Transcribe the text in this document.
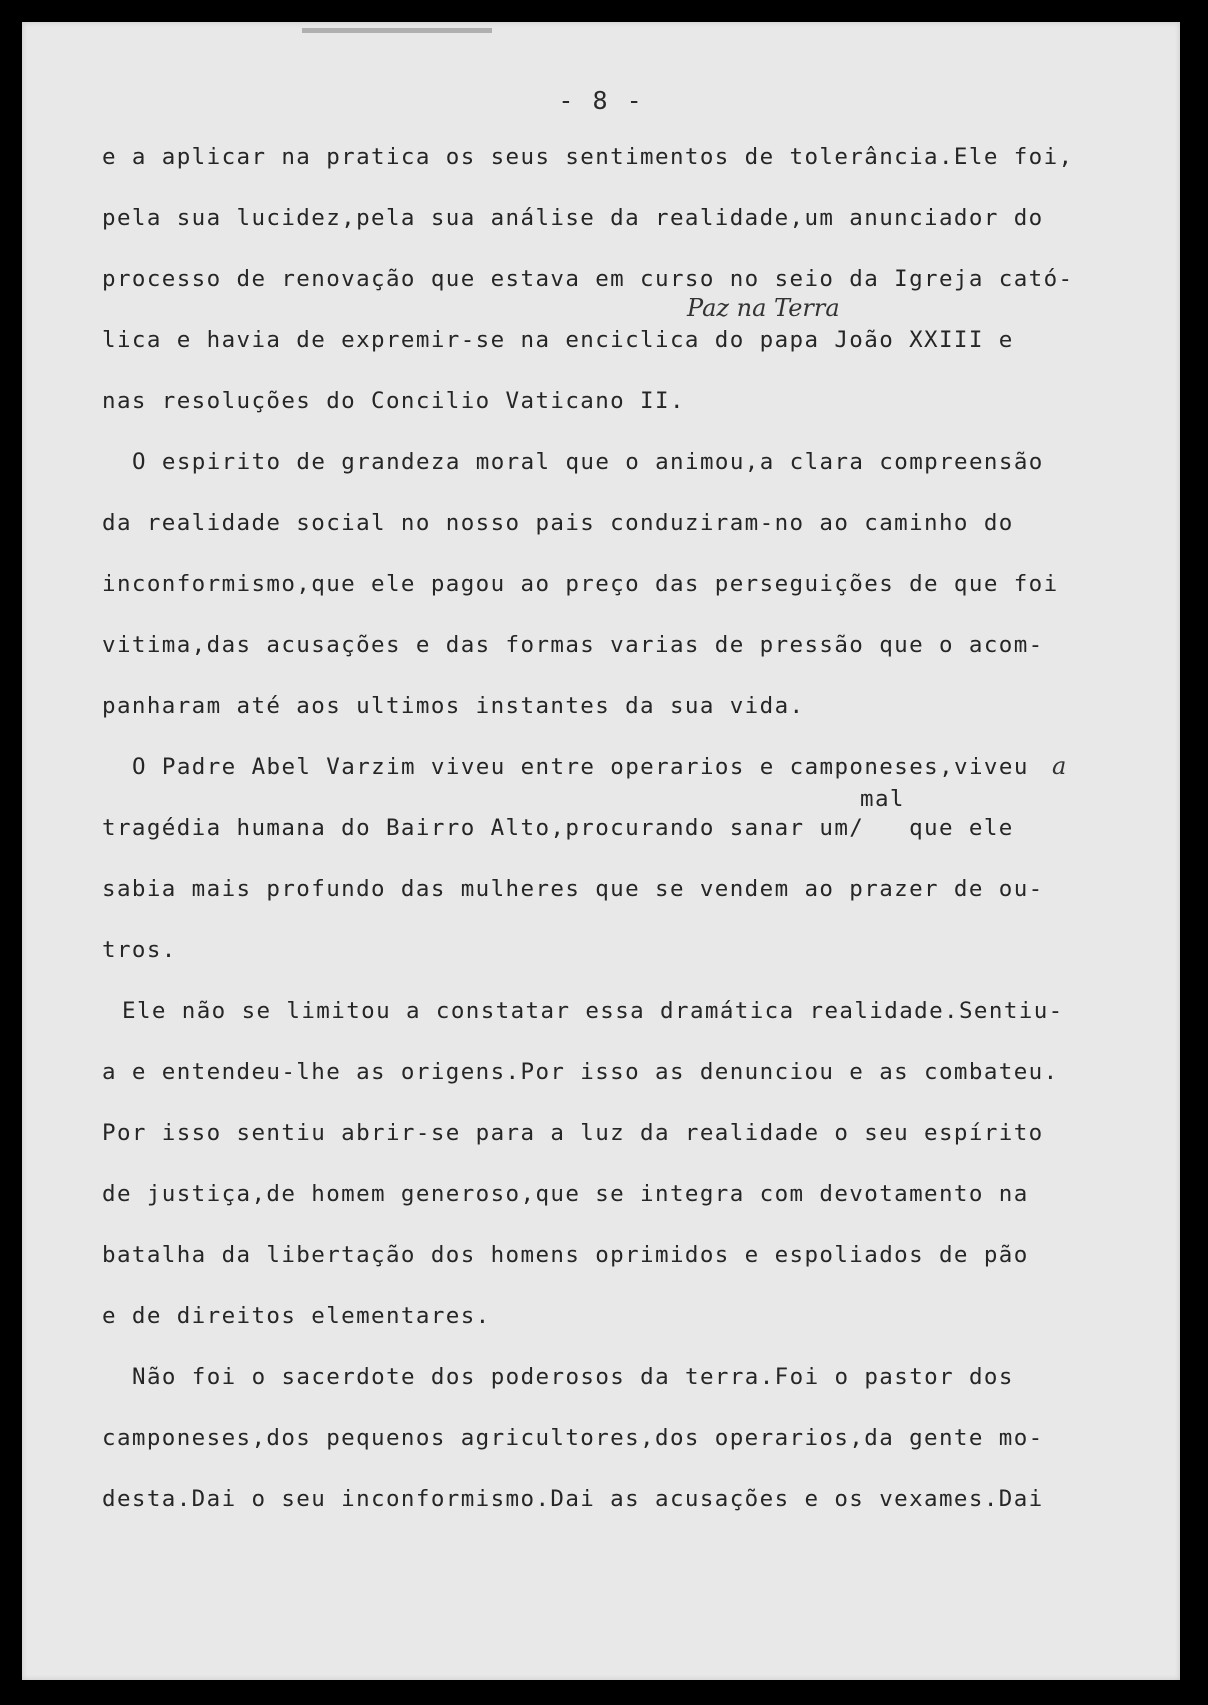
- 8 -
e a aplicar na pratica os seus sentimentos de tolerância.Ele foi,
pela sua lucidez,pela sua análise da realidade,um anunciador do
processo de renovação que estava em curso no seio da Igreja cató-
Paz na Terra
lica e havia de expremir-se na enciclica do papa João XXIII e
nas resoluções do Concilio Vaticano II.
O espirito de grandeza moral que o animou,a clara compreensão
da realidade social no nosso pais conduziram-no ao caminho do
inconformismo,que ele pagou ao preço das perseguições de que foi
vitima,das acusações e das formas varias de pressão que o acom-
panharam até aos ultimos instantes da sua vida.
O Padre Abel Varzim viveu entre operarios e camponeses,viveu a
mal
tragédia humana do Bairro Alto,procurando sanar um/   que ele
sabia mais profundo das mulheres que se vendem ao prazer de ou-
tros.
Ele não se limitou a constatar essa dramática realidade.Sentiu-
a e entendeu-lhe as origens.Por isso as denunciou e as combateu.
Por isso sentiu abrir-se para a luz da realidade o seu espírito
de justiça,de homem generoso,que se integra com devotamento na
batalha da libertação dos homens oprimidos e espoliados de pão
e de direitos elementares.
Não foi o sacerdote dos poderosos da terra.Foi o pastor dos
camponeses,dos pequenos agricultores,dos operarios,da gente mo-
desta.Dai o seu inconformismo.Dai as acusações e os vexames.Dai
